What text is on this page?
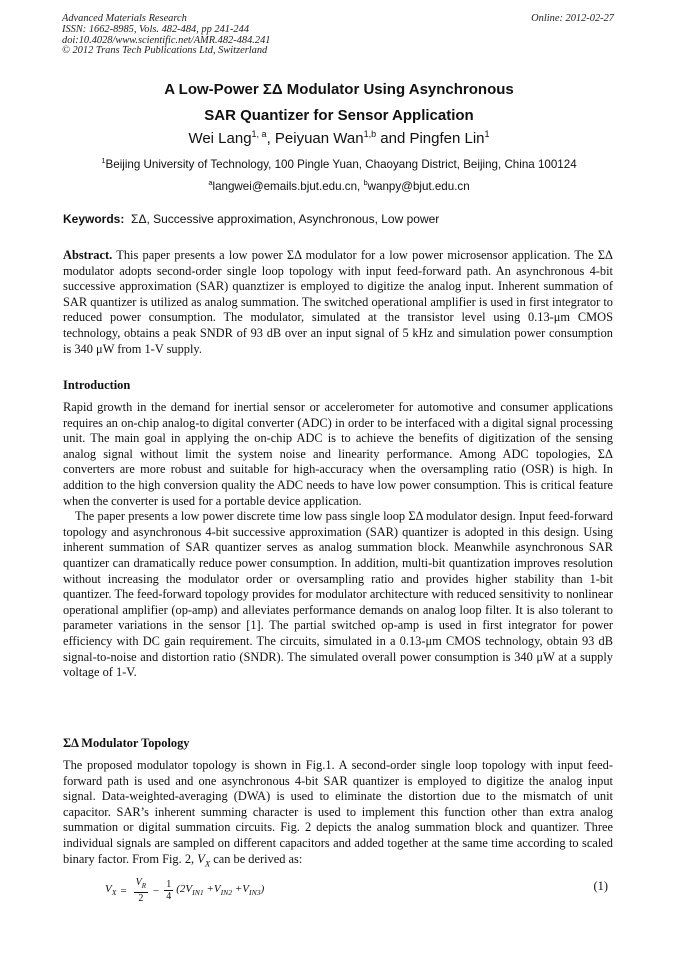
Advanced Materials Research
ISSN: 1662-8985, Vols. 482-484, pp 241-244
doi:10.4028/www.scientific.net/AMR.482-484.241
© 2012 Trans Tech Publications Ltd, Switzerland
Online: 2012-02-27
A Low-Power ΣΔ Modulator Using Asynchronous
SAR Quantizer for Sensor Application
Wei Lang$^{1, a}$, Peiyuan Wan$^{1,b}$ and Pingfen Lin$^1$
$^1$Beijing University of Technology, 100 Pingle Yuan, Chaoyang District, Beijing, China 100124
$^a$langwei@emails.bjut.edu.cn, $^b$wanpy@bjut.edu.cn
Keywords: ΣΔ, Successive approximation, Asynchronous, Low power
Abstract. This paper presents a low power ΣΔ modulator for a low power microsensor application. The ΣΔ modulator adopts second-order single loop topology with input feed-forward path. An asynchronous 4-bit successive approximation (SAR) quanztizer is employed to digitize the analog input. Inherent summation of SAR quantizer is utilized as analog summation. The switched operational amplifier is used in first integrator to reduced power consumption. The modulator, simulated at the transistor level using 0.13-μm CMOS technology, obtains a peak SNDR of 93 dB over an input signal of 5 kHz and simulation power consumption is 340 μW from 1-V supply.
Introduction

Rapid growth in the demand for inertial sensor or accelerometer for automotive and consumer applications requires an on-chip analog-to digital converter (ADC) in order to be interfaced with a digital signal processing unit. The main goal in applying the on-chip ADC is to achieve the benefits of digitization of the sensing analog signal without limit the system noise and linearity performance. Among ADC topologies, ΣΔ converters are more robust and suitable for high-accuracy when the oversampling ratio (OSR) is high. In addition to the high conversion quality the ADC needs to have low power consumption. This is critical feature when the converter is used for a portable device application.

The paper presents a low power discrete time low pass single loop ΣΔ modulator design. Input feed-forward topology and asynchronous 4-bit successive approximation (SAR) quantizer is adopted in this design. Using inherent summation of SAR quantizer serves as analog summation block. Meanwhile asynchronous SAR quantizer can dramatically reduce power consumption. In addition, multi-bit quantization improves resolution without increasing the modulator order or oversampling ratio and provides higher stability than 1-bit quantizer. The feed-forward topology provides for modulator architecture with reduced sensitivity to nonlinear operational amplifier (op-amp) and alleviates performance demands on analog loop filter. It is also tolerant to parameter variations in the sensor [1]. The partial switched op-amp is used in first integrator for power efficiency with DC gain requirement. The circuits, simulated in a 0.13-μm CMOS technology, obtain 93 dB signal-to-noise and distortion ratio (SNDR). The simulated overall power consumption is 340 μW at a supply voltage of 1-V.

ΣΔ Modulator Topology

The proposed modulator topology is shown in Fig.1. A second-order single loop topology with input feed-forward path is used and one asynchronous 4-bit SAR quantizer is employed to digitize the analog input signal. Data-weighted-averaging (DWA) is used to eliminate the distortion due to the mismatch of unit capacitor. SAR’s inherent summing character is used to implement this function other than extra analog summation or digital summation circuits. Fig. 2 depicts the analog summation block and quantizer. Three individual signals are sampled on different capacitors and added together at the same time according to scaled binary factor. From Fig. 2, $V_X$ can be derived as:

$V_X = \frac{V_R}{2} - \frac{1}{4} (2V_{IN1} +V_{IN2} +V_{IN3})$	(1)
